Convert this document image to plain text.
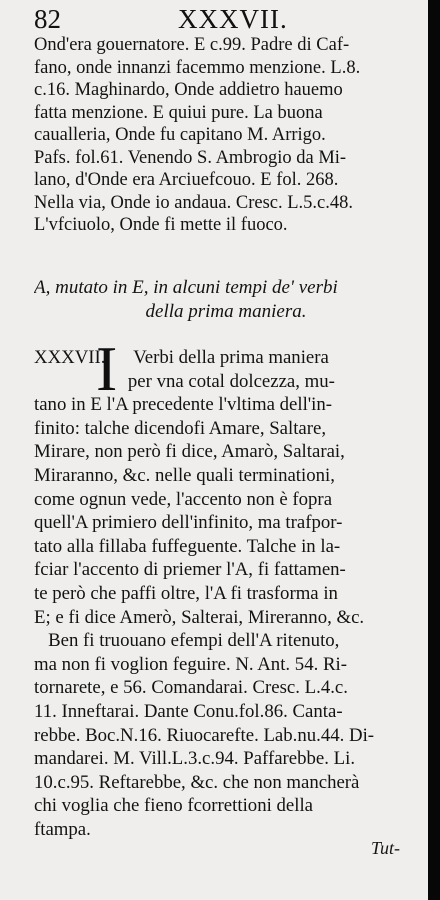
82	XXXVII.
Ond'era gouernatore. E c.99. Padre di Caf-
fano, onde innanzi facemmo menzione. L.8.
c.16. Maghinardo, Onde addietro hauemo
fatta menzione. E quiui pure. La buona
caualleria, Onde fu capitano M. Arrigo.
Pafs. fol.61. Venendo S. Ambrogio da Mi-
lano, d'Onde era Arciuefcouo. E fol. 268.
Nella via, Onde io andaua. Cresc. L.5.c.48.
L'vfciuolo, Onde fi mette il fuoco.
A, mutato in E, in alcuni tempi de' verbi
della prima maniera.
I
XXXVII.      Verbi della prima maniera
per vna cotal dolcezza, mu-
tano in E l'A precedente l'vltima dell'in-
finito: talche dicendofi Amare, Saltare,
Mirare, non però fi dice, Amarò, Saltarai,
Miraranno, &c. nelle quali terminationi,
come ognun vede, l'accento non è fopra
quell'A primiero dell'infinito, ma trafpor-
tato alla fillaba fuffeguente. Talche in la-
fciar l'accento di priemer l'A, fi fattamen-
te però che paffi oltre, l'A fi trasforma in
E; e fi dice Amerò, Salterai, Mireranno, &c.
Ben fi truouano efempi dell'A ritenuto,
ma non fi voglion feguire. N. Ant. 54. Ri-
tornarete, e 56. Comandarai. Cresc. L.4.c.
11. Inneftarai. Dante Conu.fol.86. Canta-
rebbe. Boc.N.16. Riuocarefte. Lab.nu.44. Di-
mandarei. M. Vill.L.3.c.94. Paffarebbe. Li.
10.c.95. Reftarebbe, &c. che non mancherà
chi voglia che fieno fcorrettioni della
ftampa.
Tut-
